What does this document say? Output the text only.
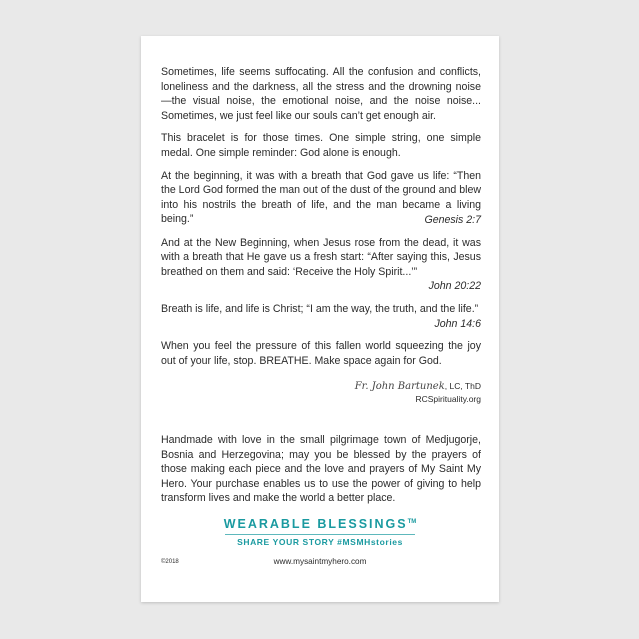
Sometimes, life seems suffocating. All the confusion and conflicts, loneliness and the darkness, all the stress and the drowning noise —the visual noise, the emotional noise, and the noise noise... Sometimes, we just feel like our souls can’t get enough air.

This bracelet is for those times. One simple string, one simple medal. One simple reminder: God alone is enough.

At the beginning, it was with a breath that God gave us life: “Then the Lord God formed the man out of the dust of the ground and blew into his nostrils the breath of life, and the man became a living being.”	Genesis 2:7

And at the New Beginning, when Jesus rose from the dead, it was with a breath that He gave us a fresh start: “After saying this, Jesus breathed on them and said: ‘Receive the Holy Spirit...’”

John 20:22

Breath is life, and life is Christ; “I am the way, the truth, and the life.”

John 14:6

When you feel the pressure of this fallen world squeezing the joy out of your life, stop. BREATHE. Make space again for God.

Fr. John Bartunek, LC, ThD
RCSpirituality.org
Handmade with love in the small pilgrimage town of Medjugorje, Bosnia and Herzegovina; may you be blessed by the prayers of those making each piece and the love and prayers of My Saint My Hero. Your purchase enables us to use the power of giving to help transform lives and make the world a better place.
WEARABLE BLESSINGS™
SHARE YOUR STORY #MSMHstories
©2018	www.mysaintmyhero.com
